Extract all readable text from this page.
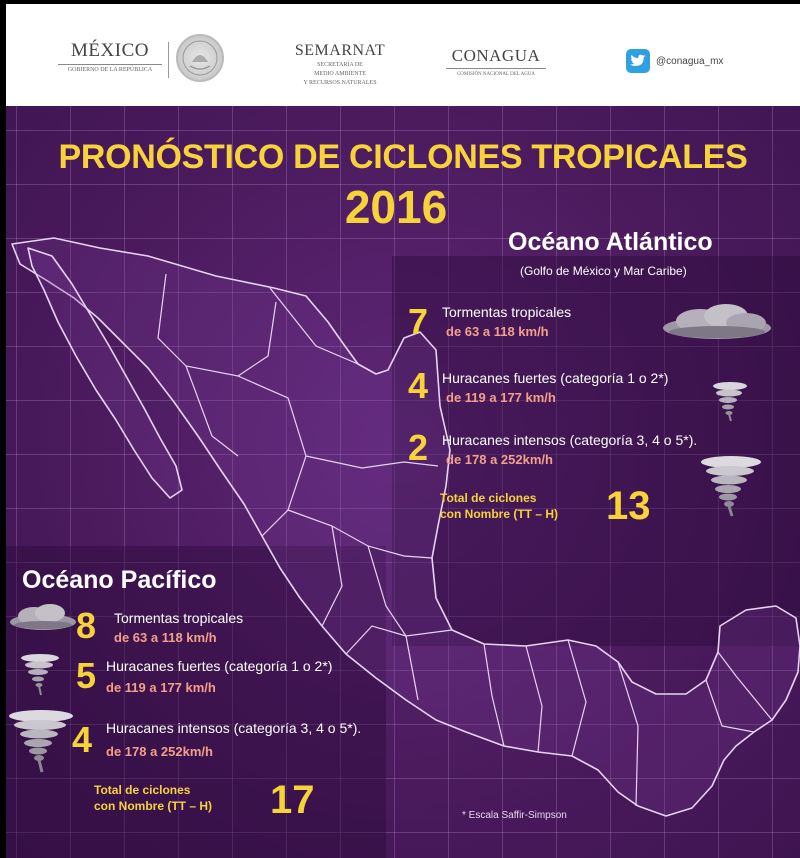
MÉXICO
GOBIERNO DE LA REPÚBLICA
SEMARNAT
SECRETARÍA DE
MEDIO AMBIENTE
Y RECURSOS NATURALES
CONAGUA
COMISIÓN NACIONAL DEL AGUA
@conagua_mx
PRONÓSTICO DE CICLONES TROPICALES
2016
Océano Atlántico
(Golfo de México y Mar Caribe)
7 Tormentas tropicales
de 63 a 118 km/h
4 Huracanes fuertes (categoría 1 o 2*)
de 119 a 177 km/h
2 Huracanes intensos (categoría 3, 4 o 5*).
de 178 a 252km/h
Total de ciclones
con Nombre (TT – H) 13
Océano Pacífico
8 Tormentas tropicales
de 63 a 118 km/h
5 Huracanes fuertes (categoría 1 o 2*)
de 119 a 177 km/h
4 Huracanes intensos (categoría 3, 4 o 5*).
de 178 a 252km/h
Total de ciclones
con Nombre (TT – H) 17	* Escala Saffir-Simpson
